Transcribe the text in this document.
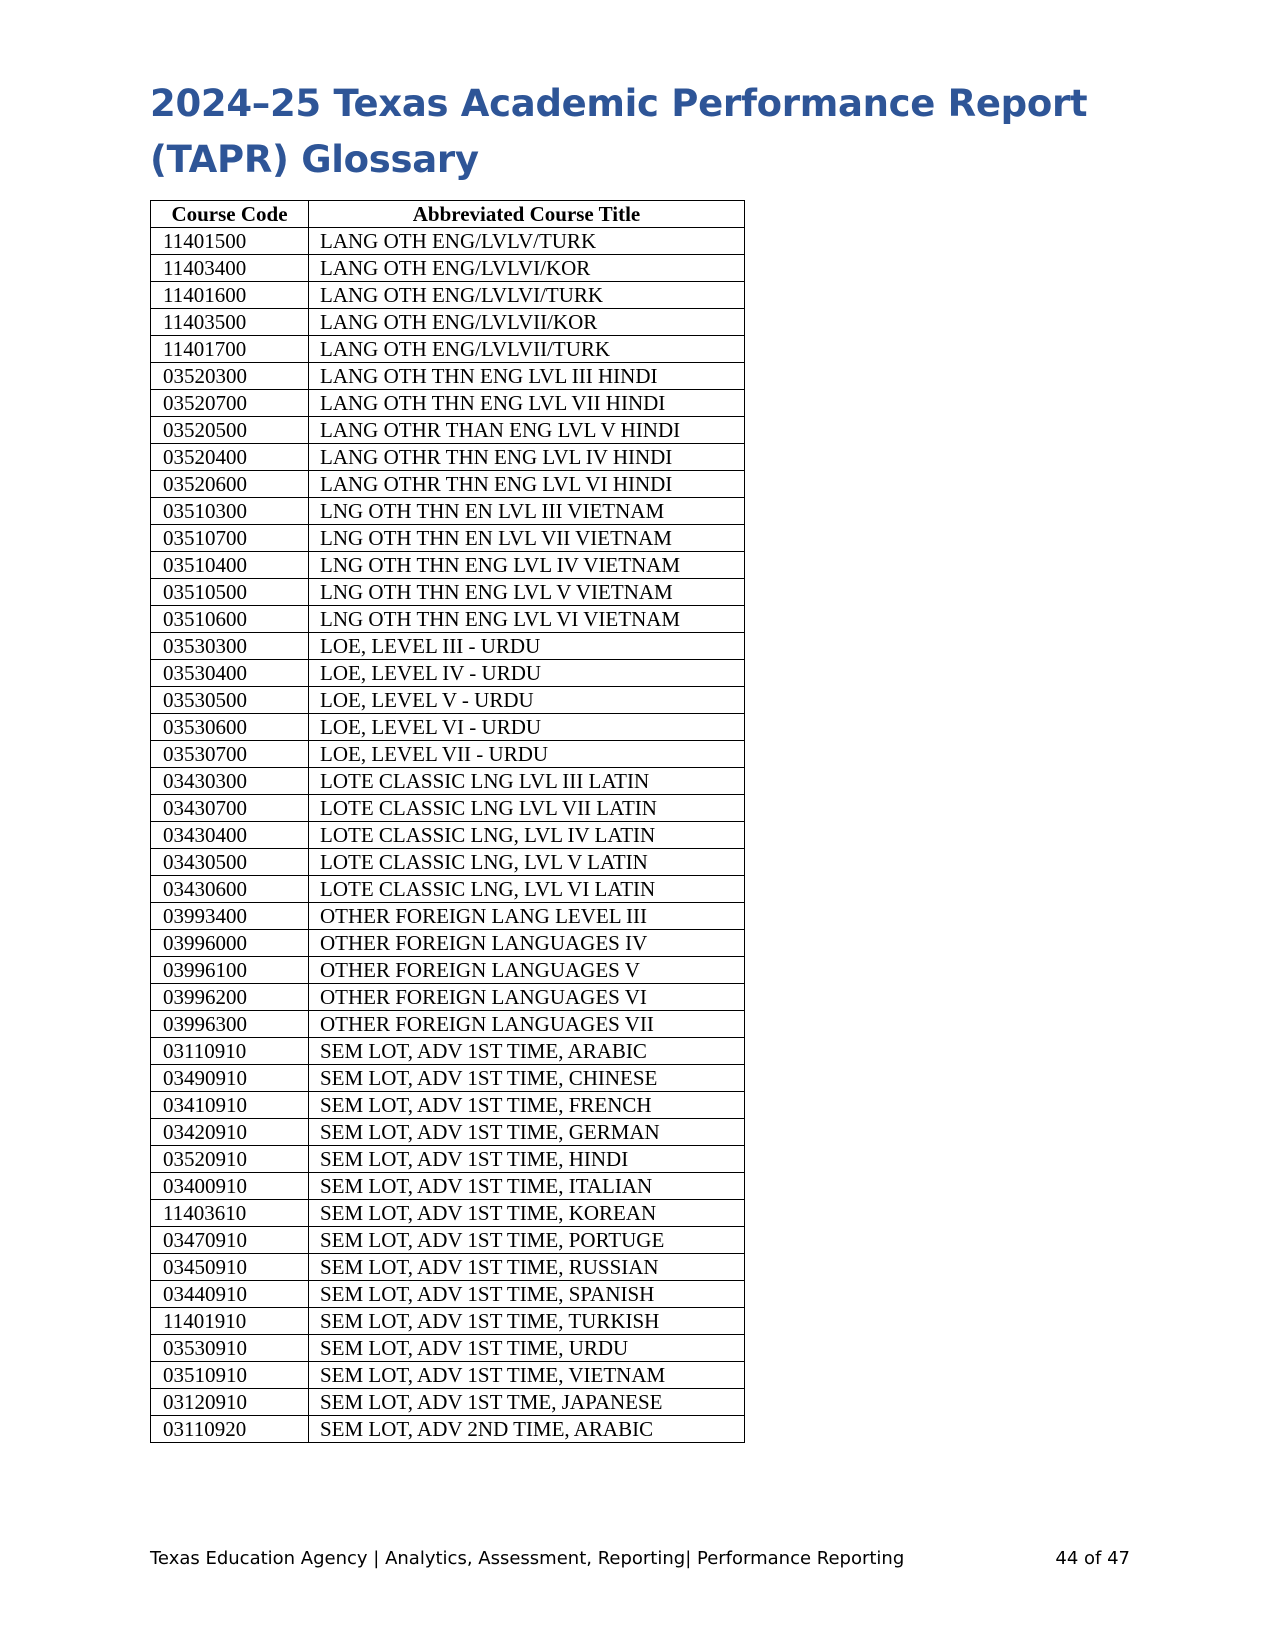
2024–25 Texas Academic Performance Report (TAPR) Glossary
Course Code	Abbreviated Course Title
11401500	LANG OTH ENG/LVLV/TURK
11403400	LANG OTH ENG/LVLVI/KOR
11401600	LANG OTH ENG/LVLVI/TURK
11403500	LANG OTH ENG/LVLVII/KOR
11401700	LANG OTH ENG/LVLVII/TURK
03520300	LANG OTH THN ENG LVL III HINDI
03520700	LANG OTH THN ENG LVL VII HINDI
03520500	LANG OTHR THAN ENG LVL V HINDI
03520400	LANG OTHR THN ENG LVL IV HINDI
03520600	LANG OTHR THN ENG LVL VI HINDI
03510300	LNG OTH THN EN LVL III VIETNAM
03510700	LNG OTH THN EN LVL VII VIETNAM
03510400	LNG OTH THN ENG LVL IV VIETNAM
03510500	LNG OTH THN ENG LVL V VIETNAM
03510600	LNG OTH THN ENG LVL VI VIETNAM
03530300	LOE, LEVEL III - URDU
03530400	LOE, LEVEL IV - URDU
03530500	LOE, LEVEL V - URDU
03530600	LOE, LEVEL VI - URDU
03530700	LOE, LEVEL VII - URDU
03430300	LOTE CLASSIC LNG LVL III LATIN
03430700	LOTE CLASSIC LNG LVL VII LATIN
03430400	LOTE CLASSIC LNG, LVL IV LATIN
03430500	LOTE CLASSIC LNG, LVL V LATIN
03430600	LOTE CLASSIC LNG, LVL VI LATIN
03993400	OTHER FOREIGN LANG LEVEL III
03996000	OTHER FOREIGN LANGUAGES IV
03996100	OTHER FOREIGN LANGUAGES V
03996200	OTHER FOREIGN LANGUAGES VI
03996300	OTHER FOREIGN LANGUAGES VII
03110910	SEM LOT, ADV 1ST TIME, ARABIC
03490910	SEM LOT, ADV 1ST TIME, CHINESE
03410910	SEM LOT, ADV 1ST TIME, FRENCH
03420910	SEM LOT, ADV 1ST TIME, GERMAN
03520910	SEM LOT, ADV 1ST TIME, HINDI
03400910	SEM LOT, ADV 1ST TIME, ITALIAN
11403610	SEM LOT, ADV 1ST TIME, KOREAN
03470910	SEM LOT, ADV 1ST TIME, PORTUGE
03450910	SEM LOT, ADV 1ST TIME, RUSSIAN
03440910	SEM LOT, ADV 1ST TIME, SPANISH
11401910	SEM LOT, ADV 1ST TIME, TURKISH
03530910	SEM LOT, ADV 1ST TIME, URDU
03510910	SEM LOT, ADV 1ST TIME, VIETNAM
03120910	SEM LOT, ADV 1ST TME, JAPANESE
03110920	SEM LOT, ADV 2ND TIME, ARABIC
Texas Education Agency | Analytics, Assessment, Reporting| Performance Reporting	44 of 47
